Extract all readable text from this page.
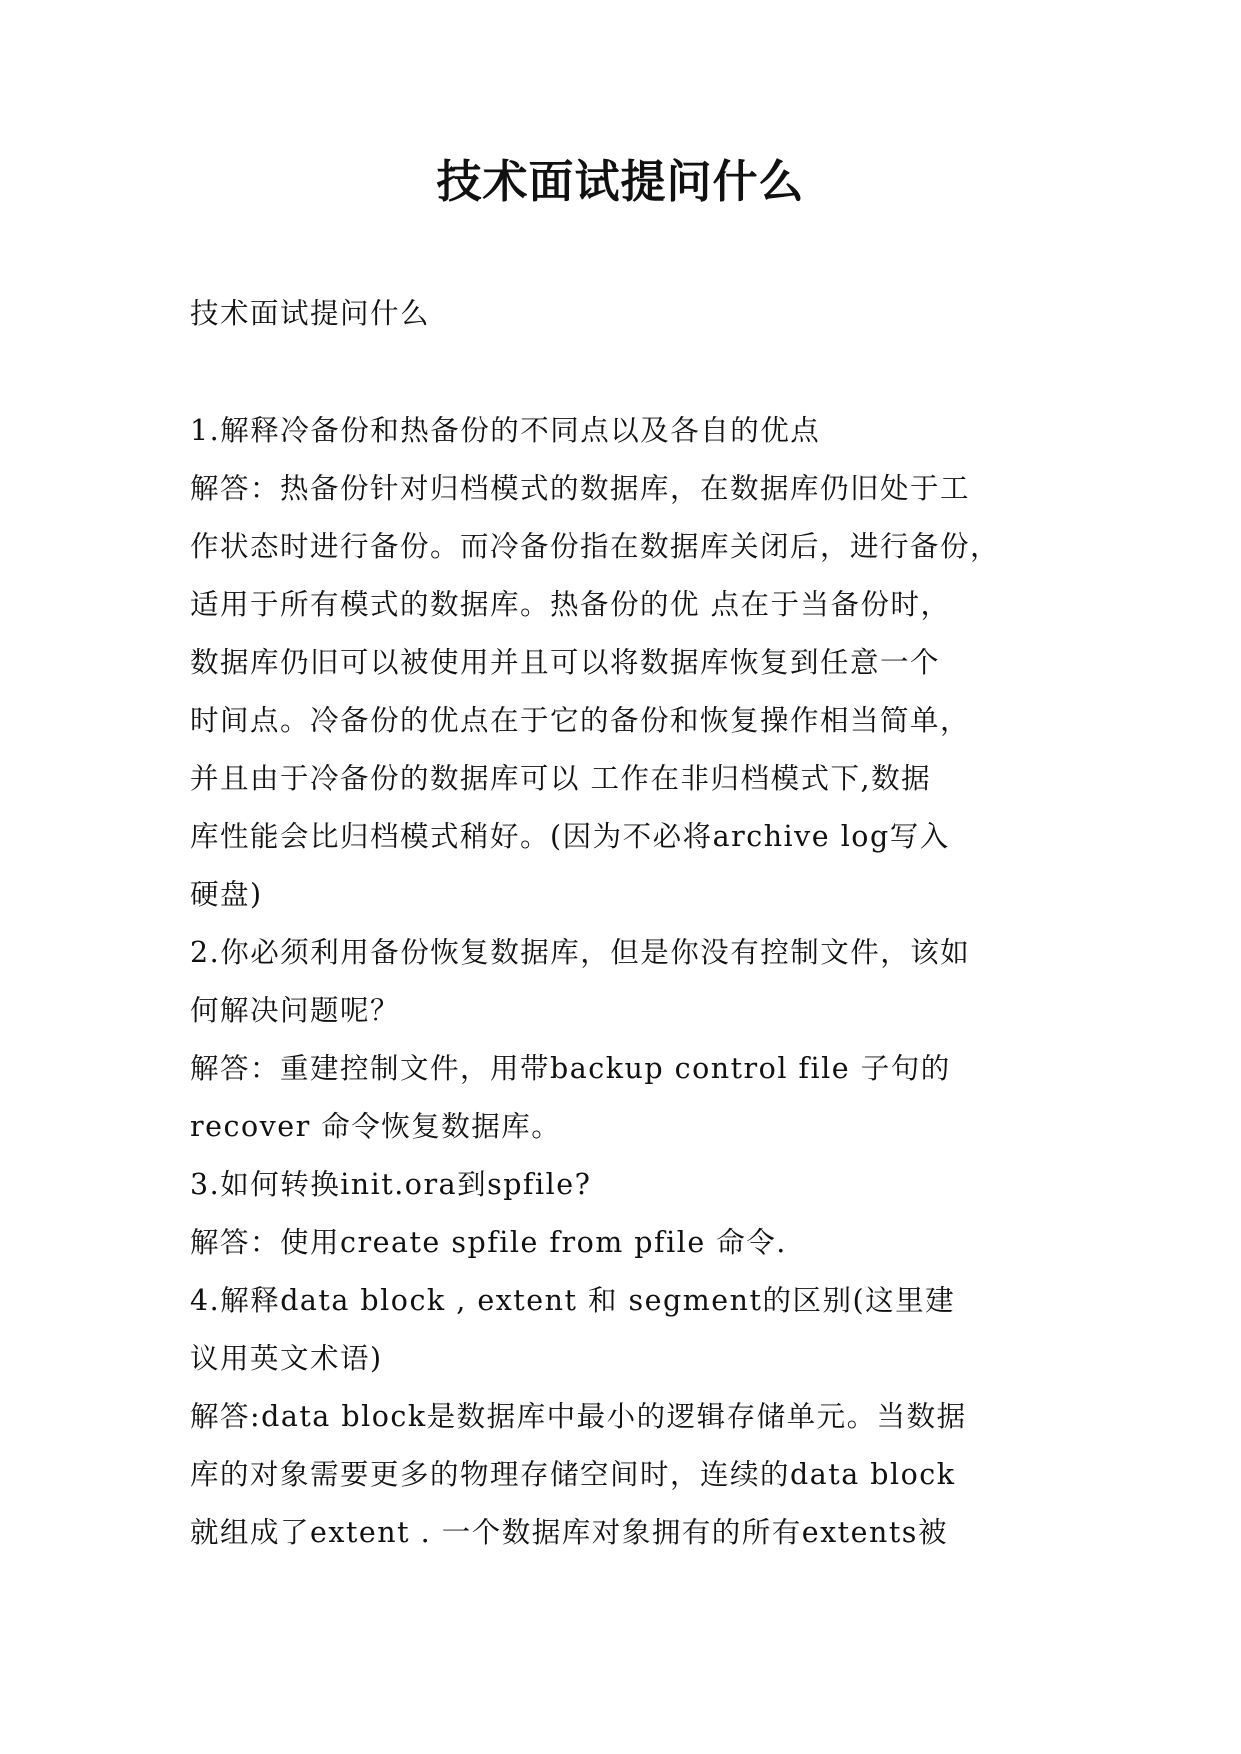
技术面试提问什么

技术面试提问什么

1.解释冷备份和热备份的不同点以及各自的优点
解答：热备份针对归档模式的数据库，在数据库仍旧处于工
作状态时进行备份。而冷备份指在数据库关闭后，进行备份，
适用于所有模式的数据库。热备份的优 点在于当备份时，
数据库仍旧可以被使用并且可以将数据库恢复到任意一个
时间点。冷备份的优点在于它的备份和恢复操作相当简单，
并且由于冷备份的数据库可以 工作在非归档模式下,数据
库性能会比归档模式稍好。(因为不必将archive log写入
硬盘)
2.你必须利用备份恢复数据库，但是你没有控制文件，该如
何解决问题呢？
解答：重建控制文件，用带backup control file 子句的
recover 命令恢复数据库。
3.如何转换init.ora到spfile?
解答：使用create spfile from pfile 命令.
4.解释data block , extent 和 segment的区别(这里建
议用英文术语)
解答:data block是数据库中最小的逻辑存储单元。当数据
库的对象需要更多的物理存储空间时，连续的data block
就组成了extent . 一个数据库对象拥有的所有extents被
